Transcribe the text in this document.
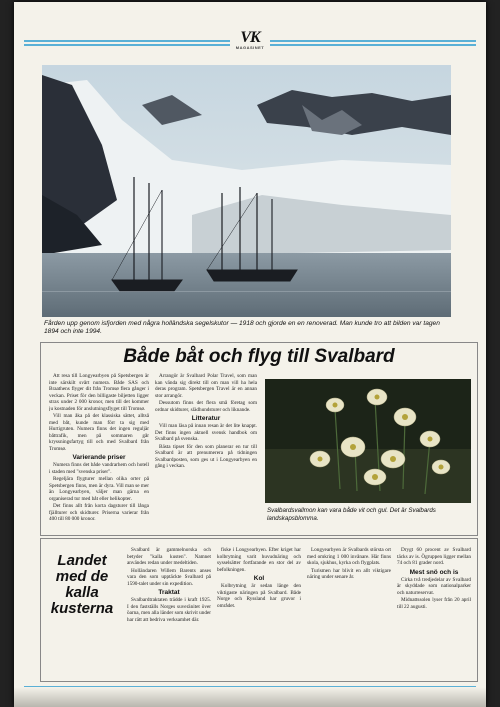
VK
MAGASINET
Fården upp genom isfjorden med några holländska segelskutor — 1918 och gjorde en en renoverad. Man kunde tro att bilden var tagen 1894 och inte 1994.
Både båt och flyg till Svalbard

Att resa till Longyearbyen på Spetsbergen är inte särskilt svårt numera. Både SAS och Braathens flyger dit från Tromsø flera gånger i veckan. Priset för den billigaste biljetten ligger strax under 2 000 kronor, men till det kommer ju kostnaden för anslutningsflyget till Tromsø.

Vill man åka på det klassiska sättet, alltså med båt, kunde man förr ta sig med Hurtigruten. Numera finns det ingen reguljär båttrafik, men på sommaren går kryssningsfartyg till och med Svalbard från Tromsø.

Varierande priser

Numera finns det både vandrarhem och hotell i staden med "svenska priser".

Regeljära flygturer mellan olika orter på Spetsbergen finns, men är dyra. Vill man se mer än Longyearbyen, väljer man gärna en organiserad tur med båt eller helikopter.

Det finns allt från korta dagsturer till långa fjällturer och skidturer. Priserna varierar från 400 till 80 000 kronor.

Arrangör är Svalbard Polar Travel, som man kan vända sig direkt till om man vill ha hela deras program. Spetsbergen Travel är en annan stor arrangör.

Dessutom finns det flera små företag som ordnar skidturer, slädhundsturer och liknande.

Litteratur

Vill man läsa på innan resan är det lite knappt. Det finns ingen aktuell svensk handbok om Svalbard på svenska.

Bästa tipset för den som planerar en tur till Svalbard är att prenumerera på tidningen Svalbardposten, som ges ut i Longyearbyen en gång i veckan.

Svalbardsvallmon kan vara både vit och gul. Det är Svalbards landskapsblomma.
Landet med de kalla kusterna

Svalbard är gammelnorska och betyder "kalla kusten". Namnet användes redan under medeltiden.

Holländaren Willem Barents anses vara den som upptäckte Svalbard på 1590-talet under sin expedition.

Traktat

Svalbardtraktaten trädde i kraft 1925. I den fastställs Norges suveränitet över öarna, men alla länder som skrivit under har rätt att bedriva verksamhet där.

fiske i Longyearbyen. Efter kriget har kolbrytning varit huvudnäring och sysselsätter fortfarande en stor del av befolkningen.

Kol

Kolbrytning är sedan länge den viktigaste näringen på Svalbard. Både Norge och Ryssland har gruvor i området.

Longyearbyen är Svalbards största ort med omkring 1 000 invånare. Här finns skola, sjukhus, kyrka och flygplats.

Turismen har blivit en allt viktigare näring under senare år.

Drygt 60 procent av Svalbard täcks av is. Ögruppen ligger mellan 74 och 81 grader nord.

Mest snö och is

Cirka två tredjedelar av Svalbard är skyddade som nationalparker och naturreservat.

Midnattssolen lyser från 20 april till 22 augusti.
